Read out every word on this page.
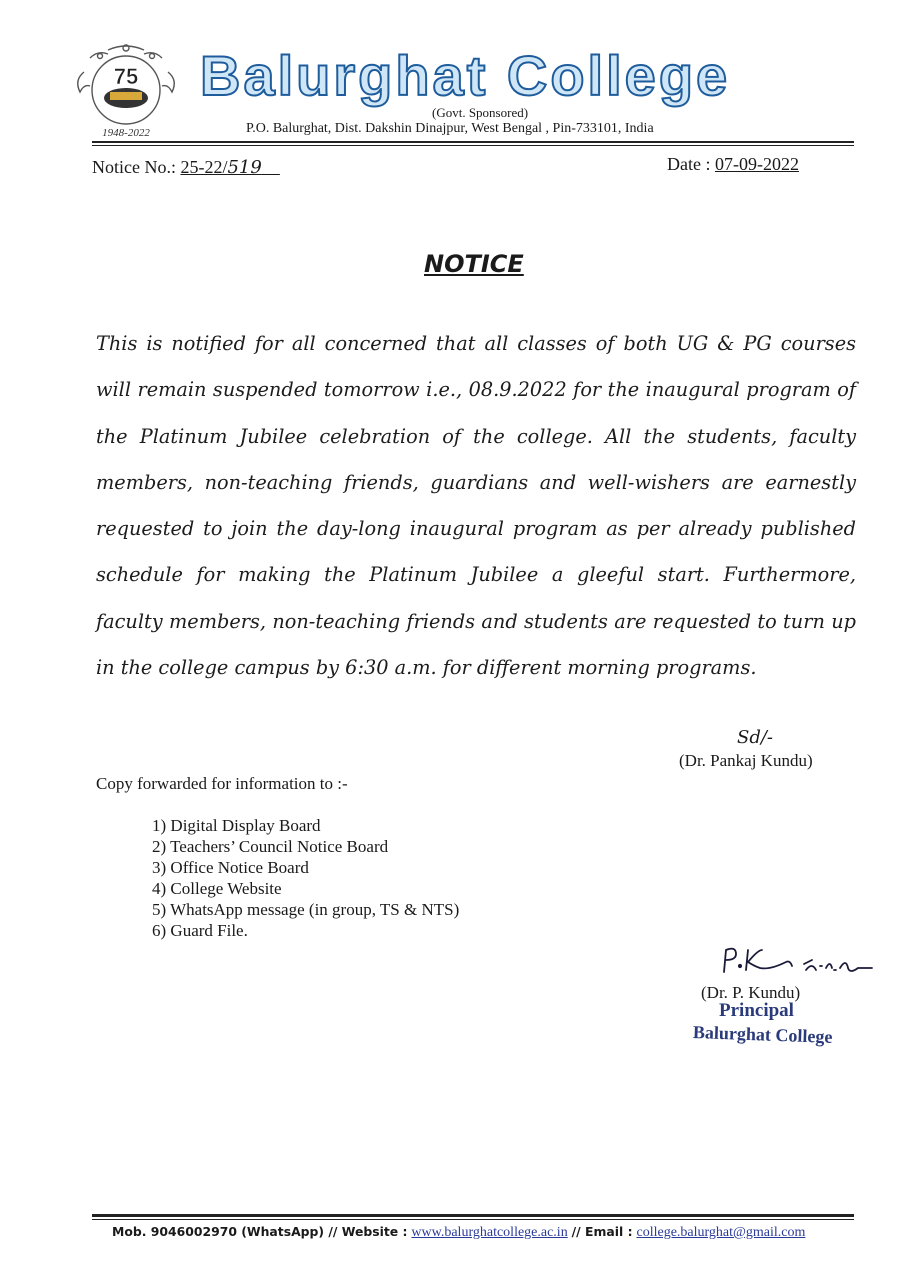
75
1948-2022
Balurghat College
(Govt. Sponsored)
P.O. Balurghat, Dist. Dakshin Dinajpur, West Bengal , Pin-733101, India
Notice No.: 25-22/519	Date : 07-09-2022
NOTICE
This is notified for all concerned that all classes of both UG & PG courses will remain suspended tomorrow i.e., 08.9.2022 for the inaugural program of the Platinum Jubilee celebration of the college. All the students, faculty members, non-teaching friends, guardians and well-wishers are earnestly requested to join the day-long inaugural program as per already published schedule for making the Platinum Jubilee a gleeful start. Furthermore, faculty members, non-teaching friends and students are requested to turn up in the college campus by 6:30 a.m. for different morning programs.
Sd/-
(Dr. Pankaj Kundu)
Copy forwarded for information to :-
1) Digital Display Board
2) Teachers’ Council Notice Board
3) Office Notice Board
4) College Website
5) WhatsApp message (in group, TS & NTS)
6) Guard File.
(Dr. P. Kundu)
Principal
Balurghat College
Mob. 9046002970 (WhatsApp) // Website : www.balurghatcollege.ac.in // Email : college.balurghat@gmail.com
